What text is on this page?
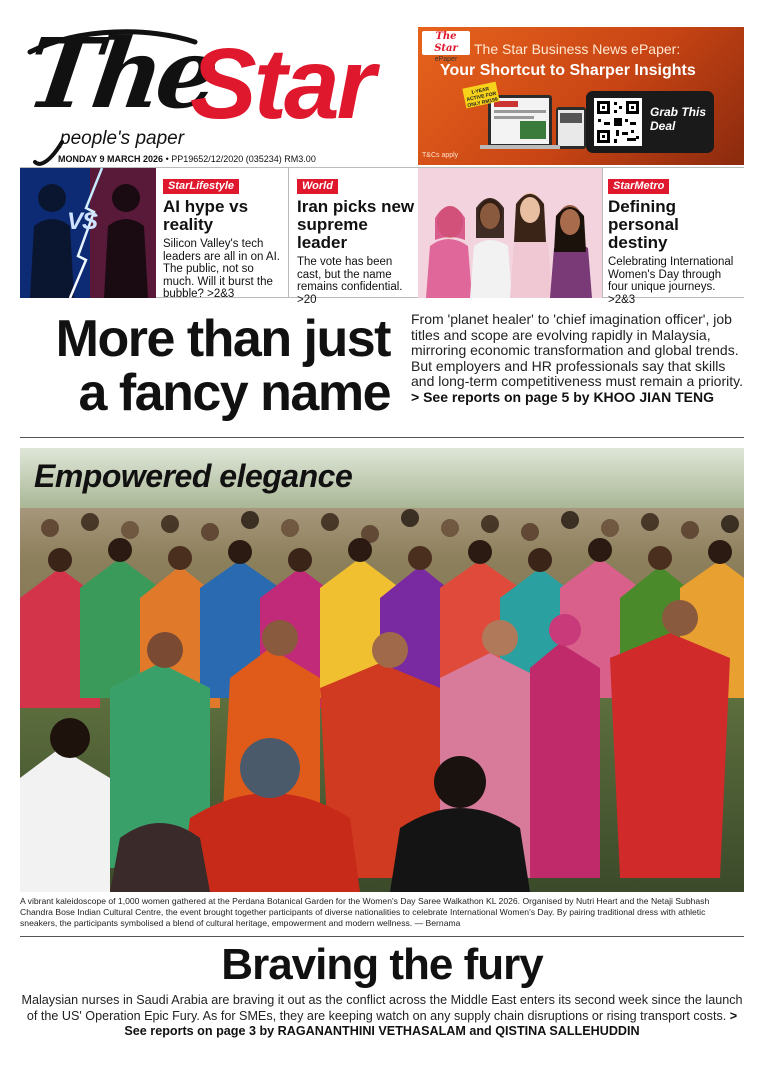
The
Star
people's paper
MONDAY 9 MARCH 2026 • PP19652/12/2020 (035234) RM3.00
The Star
ePaper
The Star Business News ePaper:
Your Shortcut to Sharper Insights
1-YEAR ACTIVE FOR ONLY RM199
Grab This Deal
T&Cs apply
StarLifestyle
AI hype vs reality
Silicon Valley's tech leaders are all in on AI. The public, not so much. Will it burst the bubble? >2&3
World
Iran picks new supreme leader
The vote has been cast, but the name remains confidential. >20
StarMetro
Defining personal destiny
Celebrating International Women's Day through four unique journeys. >2&3
VS
More than just
a fancy name
From 'planet healer' to 'chief imagination officer', job titles and scope are evolving rapidly in Malaysia, mirroring economic transformation and global trends. But employers and HR professionals say that skills and long-term competitiveness must remain a priority.
> See reports on page 5 by KHOO JIAN TENG
Empowered elegance
A vibrant kaleidoscope of 1,000 women gathered at the Perdana Botanical Garden for the Women's Day Saree Walkathon KL 2026. Organised by Nutri Heart and the Netaji Subhash Chandra Bose Indian Cultural Centre, the event brought together participants of diverse nationalities to celebrate International Women's Day. By pairing traditional dress with athletic sneakers, the participants symbolised a blend of cultural heritage, empowerment and modern wellness. — Bernama
Braving the fury
Malaysian nurses in Saudi Arabia are braving it out as the conflict across the Middle East enters its second week since the launch of the US' Operation Epic Fury. As for SMEs, they are keeping watch on any supply chain disruptions or rising transport costs. > See reports on page 3 by RAGANANTHINI VETHASALAM and QISTINA SALLEHUDDIN
